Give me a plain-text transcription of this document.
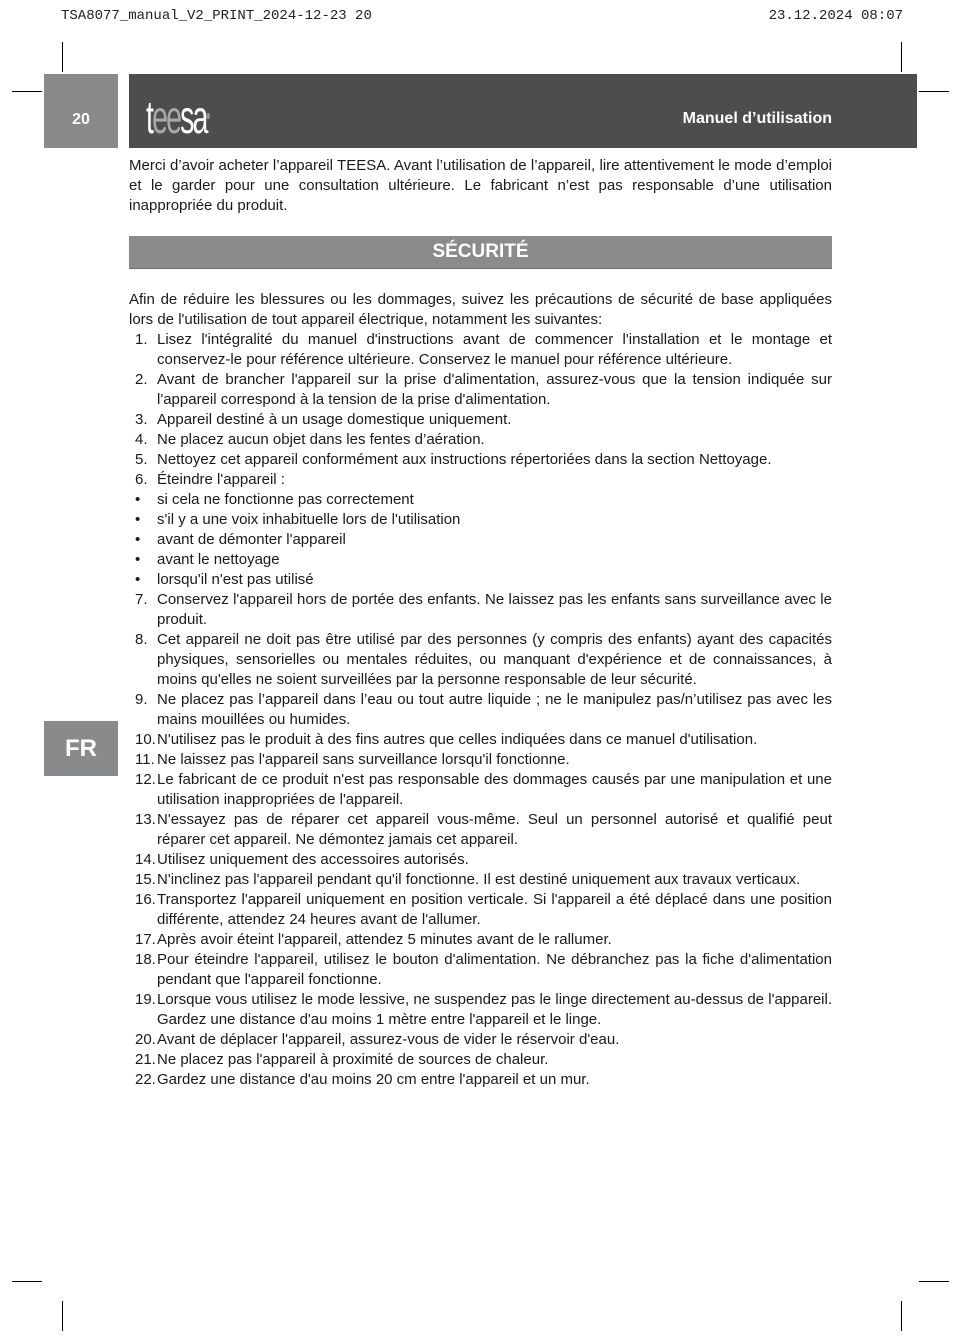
TSA8077_manual_V2_PRINT_2024-12-23 20	23.12.2024 08:07
20	teesa®	Manuel d’utilisation
Merci d’avoir acheter l’appareil TEESA. Avant l’utilisation de l’appareil, lire attentivement le mode d’emploi et le garder pour une consultation ultérieure. Le fabricant n’est pas responsable d’une utilisation inappropriée du produit.
SÉCURITÉ
Afin de réduire les blessures ou les dommages, suivez les précautions de sécurité de base appliquées lors de l'utilisation de tout appareil électrique, notamment les suivantes:
1. Lisez l'intégralité du manuel d'instructions avant de commencer l'installation et le montage et conservez-le pour référence ultérieure. Conservez le manuel pour référence ultérieure.
2. Avant de brancher l'appareil sur la prise d'alimentation, assurez-vous que la tension indiquée sur l'appareil correspond à la tension de la prise d'alimentation.
3. Appareil destiné à un usage domestique uniquement.
4. Ne placez aucun objet dans les fentes d’aération.
5. Nettoyez cet appareil conformément aux instructions répertoriées dans la section Nettoyage.
6. Éteindre l'appareil :
•	si cela ne fonctionne pas correctement
•	s'il y a une voix inhabituelle lors de l'utilisation
•	avant de démonter l'appareil
•	avant le nettoyage
•	lorsqu'il n'est pas utilisé
7. Conservez l'appareil hors de portée des enfants. Ne laissez pas les enfants sans surveillance avec le produit.
8. Cet appareil ne doit pas être utilisé par des personnes (y compris des enfants) ayant des capacités physiques, sensorielles ou mentales réduites, ou manquant d'expérience et de connaissances, à moins qu'elles ne soient surveillées par la personne responsable de leur sécurité.
9. Ne placez pas l’appareil dans l’eau ou tout autre liquide ; ne le manipulez pas/n’utilisez pas avec les mains mouillées ou humides.
10. N'utilisez pas le produit à des fins autres que celles indiquées dans ce manuel d'utilisation.
11. Ne laissez pas l'appareil sans surveillance lorsqu'il fonctionne.
12. Le fabricant de ce produit n'est pas responsable des dommages causés par une manipulation et une utilisation inappropriées de l'appareil.
13. N'essayez pas de réparer cet appareil vous-même. Seul un personnel autorisé et qualifié peut réparer cet appareil. Ne démontez jamais cet appareil.
14. Utilisez uniquement des accessoires autorisés.
15. N'inclinez pas l'appareil pendant qu'il fonctionne. Il est destiné uniquement aux travaux verticaux.
16. Transportez l'appareil uniquement en position verticale. Si l'appareil a été déplacé dans une position différente, attendez 24 heures avant de l'allumer.
17. Après avoir éteint l'appareil, attendez 5 minutes avant de le rallumer.
18. Pour éteindre l'appareil, utilisez le bouton d'alimentation. Ne débranchez pas la fiche d'alimentation pendant que l'appareil fonctionne.
19. Lorsque vous utilisez le mode lessive, ne suspendez pas le linge directement au-dessus de l'appareil. Gardez une distance d'au moins 1 mètre entre l'appareil et le linge.
20. Avant de déplacer l'appareil, assurez-vous de vider le réservoir d'eau.
21. Ne placez pas l'appareil à proximité de sources de chaleur.
22. Gardez une distance d'au moins 20 cm entre l'appareil et un mur.
FR
